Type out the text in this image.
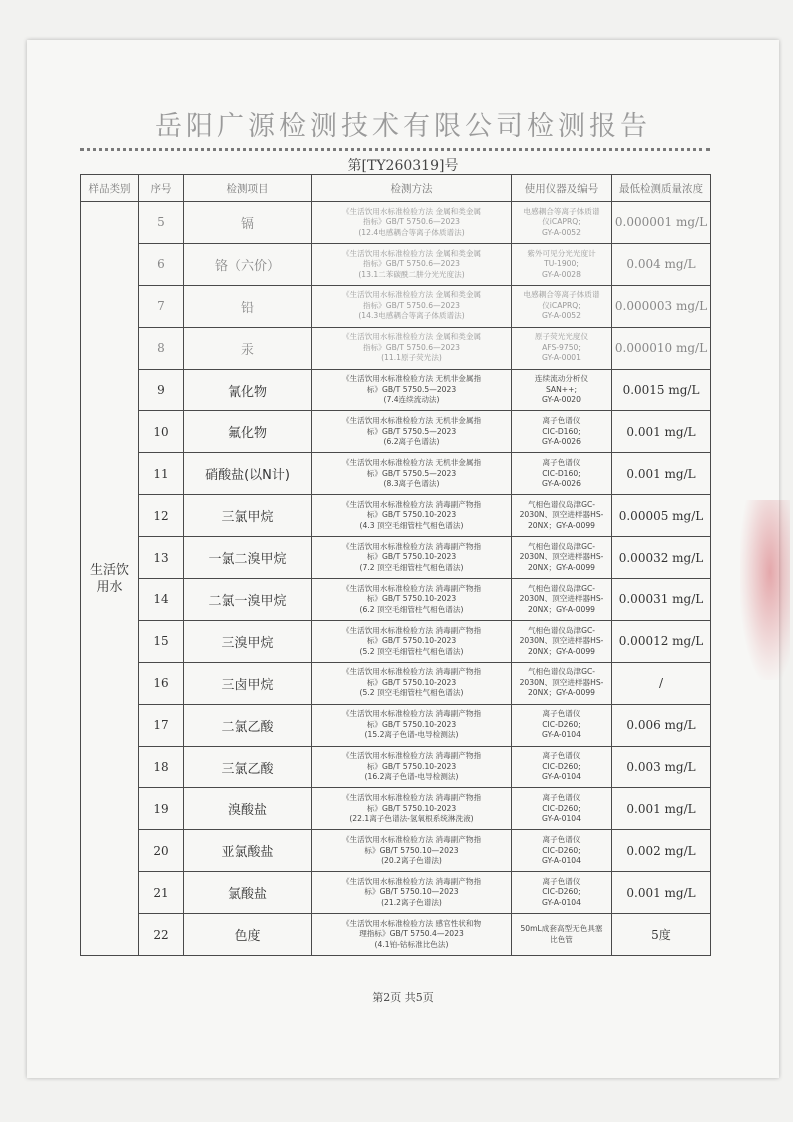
岳阳广源检测技术有限公司检测报告
第[TY260319]号
样品类别	序号	检测项目	检测方法	使用仪器及编号	最低检测质量浓度
生活饮用水	5	镉	《生活饮用水标准检验方法 金属和类金属
指标》GB/T 5750.6—2023
(12.4电感耦合等离子体质谱法)	电感耦合等离子体质谱
仪iCAPRQ;
GY-A-0052	0.000001 mg/L
	6	铬（六价）	《生活饮用水标准检验方法 金属和类金属
指标》GB/T 5750.6—2023
(13.1二苯碳酰二肼分光光度法)	紫外可见分光光度计
TU-1900;
GY-A-0028	0.004 mg/L
	7	铅	《生活饮用水标准检验方法 金属和类金属
指标》GB/T 5750.6—2023
(14.3电感耦合等离子体质谱法)	电感耦合等离子体质谱
仪iCAPRQ;
GY-A-0052	0.000003 mg/L
	8	汞	《生活饮用水标准检验方法 金属和类金属
指标》GB/T 5750.6—2023
(11.1原子荧光法)	原子荧光光度仪
AFS-9750;
GY-A-0001	0.000010 mg/L
	9	氰化物	《生活饮用水标准检验方法 无机非金属指
标》GB/T 5750.5—2023
(7.4连续流动法)	连续流动分析仪
SAN++;
GY-A-0020	0.0015 mg/L
	10	氟化物	《生活饮用水标准检验方法 无机非金属指
标》GB/T 5750.5—2023
(6.2离子色谱法)	离子色谱仪
CIC-D160;
GY-A-0026	0.001 mg/L
	11	硝酸盐(以N计)	《生活饮用水标准检验方法 无机非金属指
标》GB/T 5750.5—2023
(8.3离子色谱法)	离子色谱仪
CIC-D160;
GY-A-0026	0.001 mg/L
	12	三氯甲烷	《生活饮用水标准检验方法 消毒副产物指
标》GB/T 5750.10-2023
(4.3 顶空毛细管柱气相色谱法)	气相色谱仪岛津GC-
2030N、顶空进样器HS-
20NX；GY-A-0099	0.00005 mg/L
	13	一氯二溴甲烷	《生活饮用水标准检验方法 消毒副产物指
标》GB/T 5750.10-2023
(7.2 顶空毛细管柱气相色谱法)	气相色谱仪岛津GC-
2030N、顶空进样器HS-
20NX；GY-A-0099	0.00032 mg/L
	14	二氯一溴甲烷	《生活饮用水标准检验方法 消毒副产物指
标》GB/T 5750.10-2023
(6.2 顶空毛细管柱气相色谱法)	气相色谱仪岛津GC-
2030N、顶空进样器HS-
20NX；GY-A-0099	0.00031 mg/L
	15	三溴甲烷	《生活饮用水标准检验方法 消毒副产物指
标》GB/T 5750.10-2023
(5.2 顶空毛细管柱气相色谱法)	气相色谱仪岛津GC-
2030N、顶空进样器HS-
20NX；GY-A-0099	0.00012 mg/L
	16	三卤甲烷	《生活饮用水标准检验方法 消毒副产物指
标》GB/T 5750.10-2023
(5.2 顶空毛细管柱气相色谱法)	气相色谱仪岛津GC-
2030N、顶空进样器HS-
20NX；GY-A-0099	/
	17	二氯乙酸	《生活饮用水标准检验方法 消毒副产物指
标》GB/T 5750.10-2023
(15.2离子色谱-电导检测法)	离子色谱仪
CIC-D260;
GY-A-0104	0.006 mg/L
	18	三氯乙酸	《生活饮用水标准检验方法 消毒副产物指
标》GB/T 5750.10-2023
(16.2离子色谱-电导检测法)	离子色谱仪
CIC-D260;
GY-A-0104	0.003 mg/L
	19	溴酸盐	《生活饮用水标准检验方法 消毒副产物指
标》GB/T 5750.10-2023
(22.1离子色谱法-氢氧根系统淋洗液)	离子色谱仪
CIC-D260;
GY-A-0104	0.001 mg/L
	20	亚氯酸盐	《生活饮用水标准检验方法 消毒副产物指
标》GB/T 5750.10—2023
(20.2离子色谱法)	离子色谱仪
CIC-D260;
GY-A-0104	0.002 mg/L
	21	氯酸盐	《生活饮用水标准检验方法 消毒副产物指
标》GB/T 5750.10—2023
(21.2离子色谱法)	离子色谱仪
CIC-D260;
GY-A-0104	0.001 mg/L
	22	色度	《生活饮用水标准检验方法 感官性状和物
理指标》GB/T 5750.4—2023
(4.1铂-钴标准比色法)	50mL成套高型无色具塞
比色管	5度
第2页 共5页
